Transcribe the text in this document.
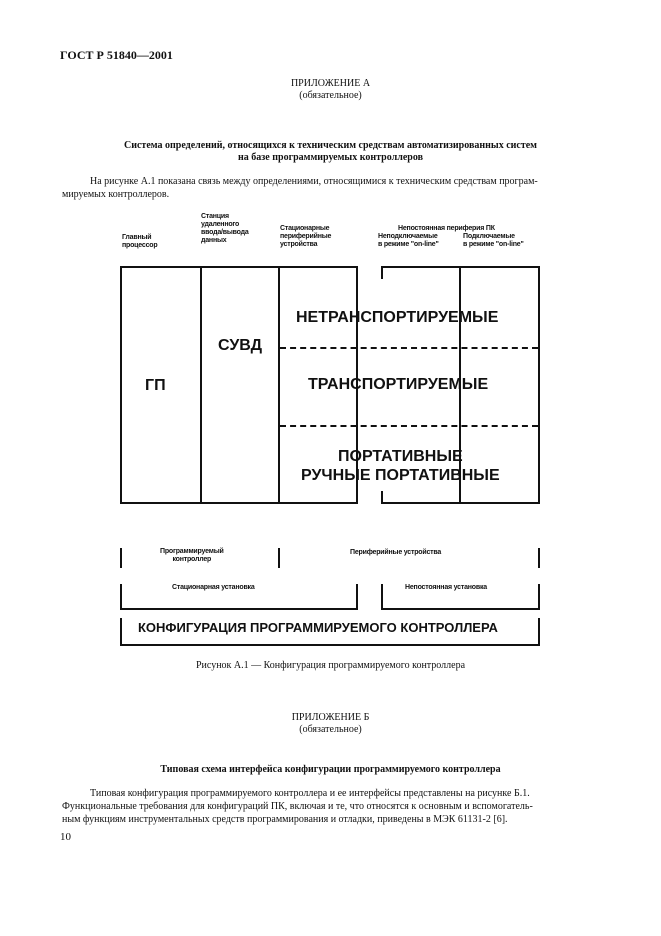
ГОСТ Р 51840—2001
ПРИЛОЖЕНИЕ А
(обязательное)
Система определений, относящихся к техническим средствам автоматизированных систем
на базе программируемых контроллеров
На рисунке А.1 показана связь между определениями, относящимися к техническим средствам програм-
мируемых контроллеров.
Главный
процессор
Станция
удаленного
ввода/вывода
данных
Стационарные
периферийные
устройства
Непостоянная периферия ПК
Неподключаемые
в режиме "on-line"
Подключаемые
в режиме "on-line"
ГП
СУВД
НЕТРАНСПОРТИРУЕМЫЕ
ТРАНСПОРТИРУЕМЫЕ
ПОРТАТИВНЫЕ
РУЧНЫЕ ПОРТАТИВНЫЕ
Программируемый
контроллер
Периферийные устройства
Стационарная установка	Непостоянная установка
КОНФИГУРАЦИЯ ПРОГРАММИРУЕМОГО КОНТРОЛЛЕРА
Рисунок А.1 — Конфигурация программируемого контроллера
ПРИЛОЖЕНИЕ Б
(обязательное)
Типовая схема интерфейса конфигурации программируемого контроллера
Типовая конфигурация программируемого контроллера и ее интерфейсы представлены на рисунке Б.1.
Функциональные требования для конфигураций ПК, включая и те, что относятся к основным и вспомогатель-
ным функциям инструментальных средств программирования и отладки, приведены в МЭК 61131-2 [6].
10
